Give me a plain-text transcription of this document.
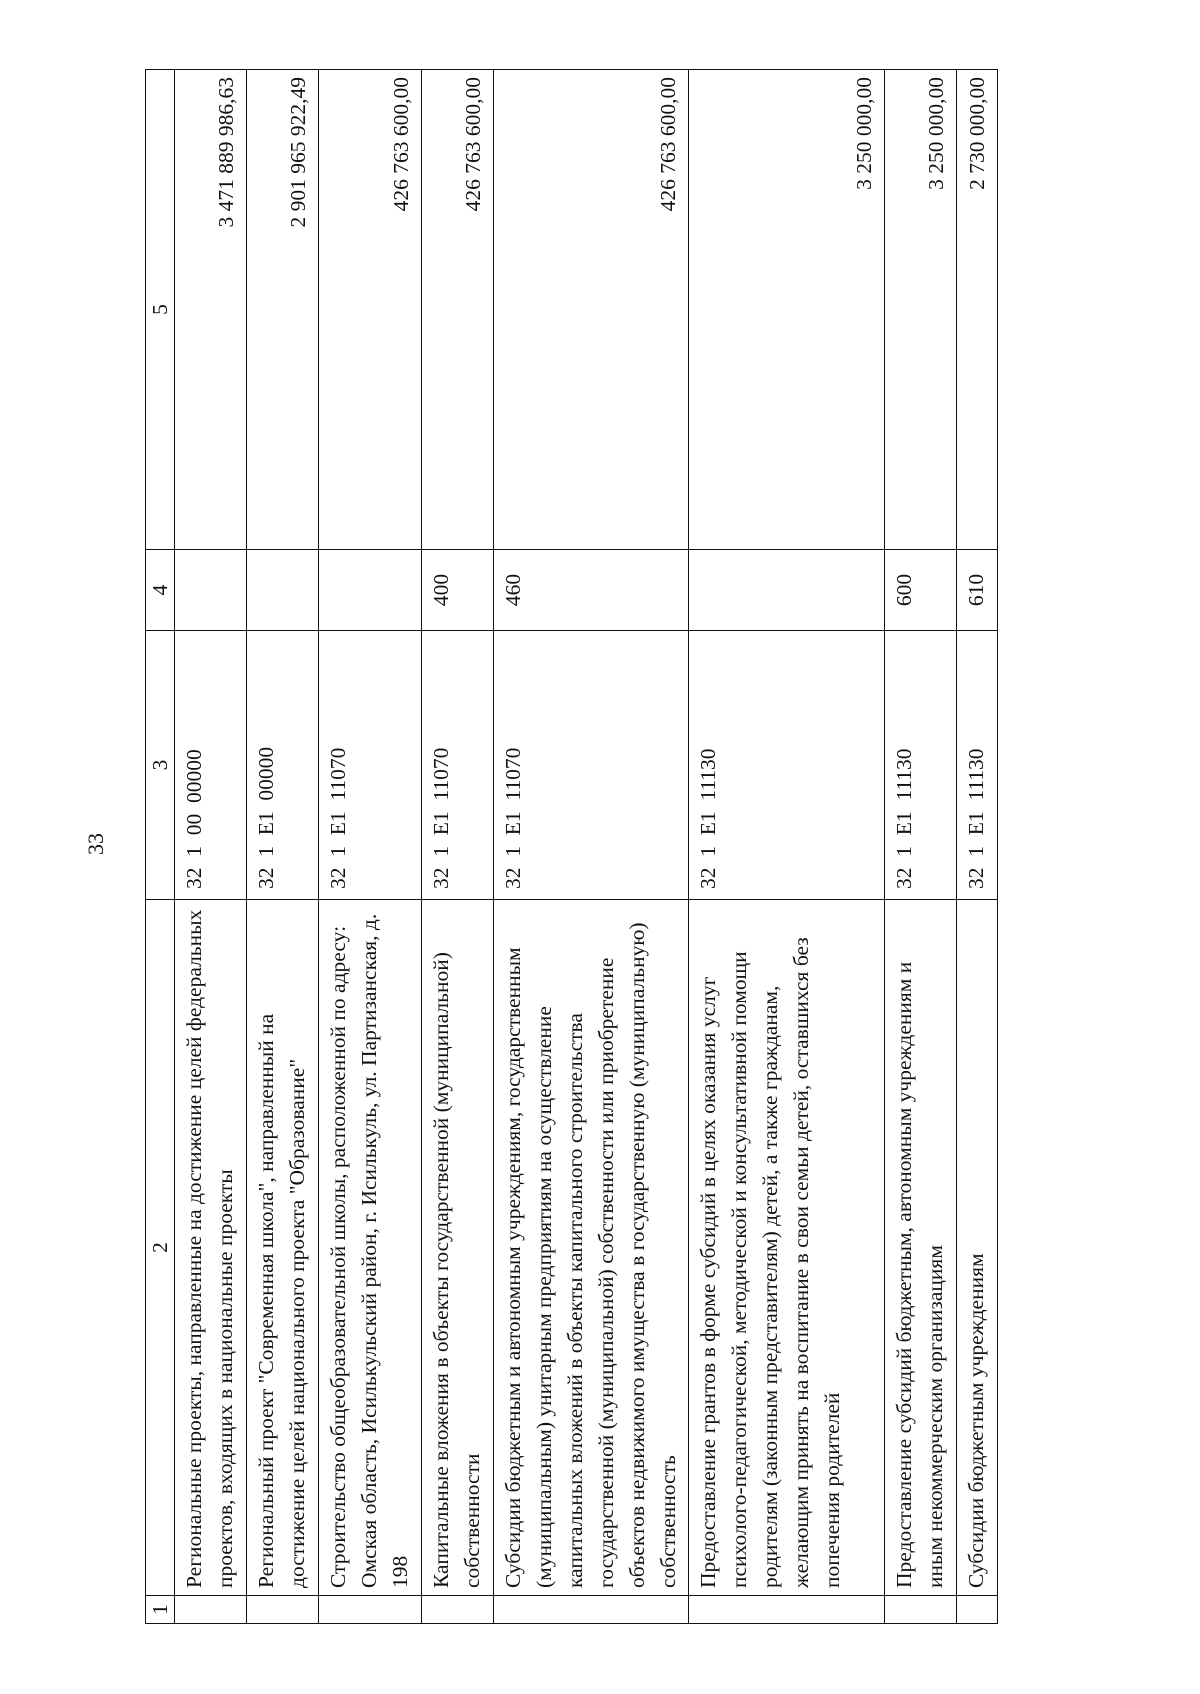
33
1	2	3	4	5
	Региональные проекты, направленные на достижение целей федеральных проектов, входящих в национальные проекты	32  1  00  00000		3 471 889 986,63
	Региональный проект "Современная школа", направленный на достижение целей национального проекта "Образование"	32  1  Е1  00000		2 901 965 922,49
	Строительство общеобразовательной школы, расположенной по адресу: Омская область, Исилькульский район, г. Исилькуль, ул. Партизанская, д. 198	32  1  Е1  11070		426 763 600,00
	Капитальные вложения в объекты государственной (муниципальной) собственности	32  1  Е1  11070	400	426 763 600,00
	Субсидии бюджетным и автономным учреждениям, государственным (муниципальным) унитарным предприятиям на осуществление капитальных вложений в объекты капитального строительства государственной (муниципальной) собственности или приобретение объектов недвижимого имущества в государственную (муниципальную) собственность	32  1  Е1  11070	460	426 763 600,00
	Предоставление грантов в форме субсидий в целях оказания услуг психолого-педагогической, методической и консультативной помощи родителям (законным представителям) детей, а также гражданам, желающим принять на воспитание в свои семьи детей, оставшихся без попечения родителей	32  1  Е1  11130		3 250 000,00
	Предоставление субсидий бюджетным, автономным учреждениям и иным некоммерческим организациям	32  1  Е1  11130	600	3 250 000,00
	Субсидии бюджетным учреждениям	32  1  Е1  11130	610	2 730 000,00
